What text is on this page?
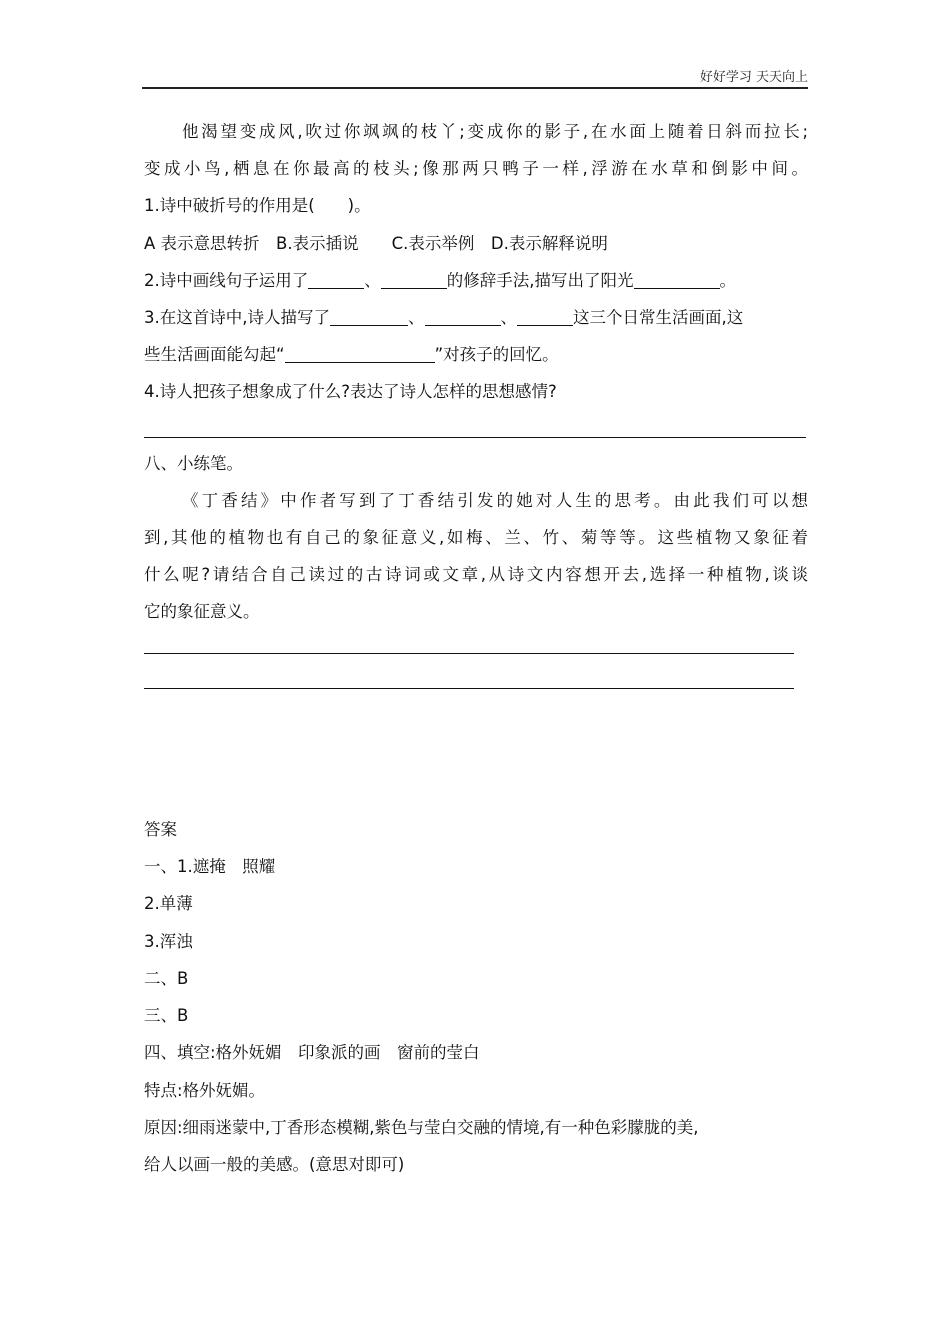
好好学习 天天向上
他渴望变成风,吹过你飒飒的枝丫;变成你的影子,在水面上随着日斜而拉长;
变成小鸟,栖息在你最高的枝头;像那两只鸭子一样,浮游在水草和倒影中间。
1.诗中破折号的作用是(　　)。
A 表示意思转折　B.表示插说　　C.表示举例　D.表示解释说明
2.诗中画线句子运用了	、	的修辞手法,描写出了阳光	。
3.在这首诗中,诗人描写了	、	、	这三个日常生活画面,这
些生活画面能勾起“	”对孩子的回忆。
4.诗人把孩子想象成了什么?表达了诗人怎样的思想感情?
八、小练笔。
《丁香结》中作者写到了丁香结引发的她对人生的思考。由此我们可以想
到,其他的植物也有自己的象征意义,如梅、兰、竹、菊等等。这些植物又象征着
什么呢?请结合自己读过的古诗词或文章,从诗文内容想开去,选择一种植物,谈谈
它的象征意义。
答案
一、1.遮掩　照耀
2.单薄
3.浑浊
二、B
三、B
四、填空:格外妩媚　印象派的画　窗前的莹白
特点:格外妩媚。
原因:细雨迷蒙中,丁香形态模糊,紫色与莹白交融的情境,有一种色彩朦胧的美,
给人以画一般的美感。(意思对即可)
